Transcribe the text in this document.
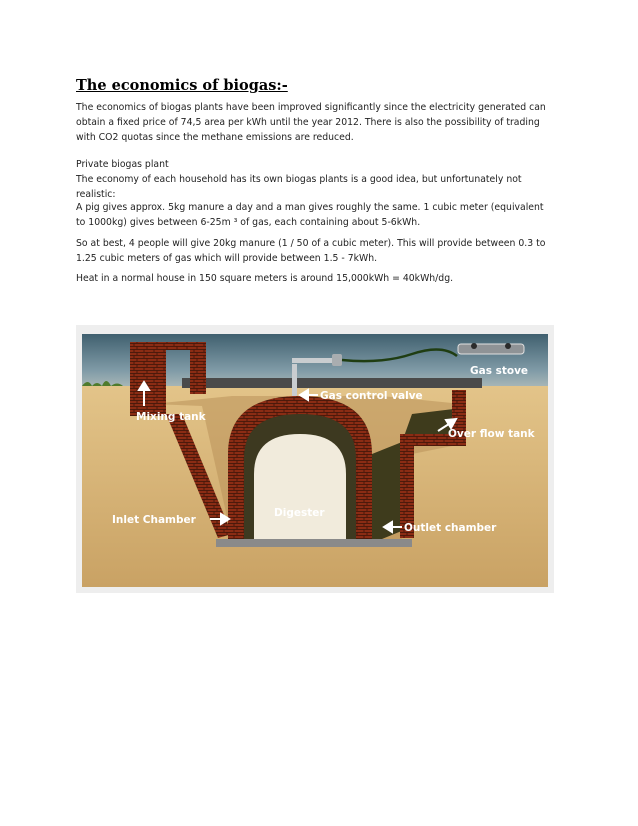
The economics of biogas:-
The economics of biogas plants have been improved significantly since the electricity generated can
obtain a fixed price of 74,5 area per kWh until the year 2012. There is also the possibility of trading
with CO2 quotas since the methane emissions are reduced.
Private biogas plant
The economy of each household has its own biogas plants is a good idea, but unfortunately not
realistic:
A pig gives approx. 5kg manure a day and a man gives roughly the same. 1 cubic meter (equivalent
to 1000kg) gives between 6-25m ³ of gas, each containing about 5-6kWh.
So at best, 4 people will give 20kg manure (1 / 50 of a cubic meter). This will provide between 0.3 to
1.25 cubic meters of gas which will provide between 1.5 - 7kWh.
Heat in a normal house in 150 square meters is around 15,000kWh = 40kWh/dg.
Gas stove
Mixing tank
Gas control valve
Over flow tank
Digester
Inlet Chamber
Outlet chamber
